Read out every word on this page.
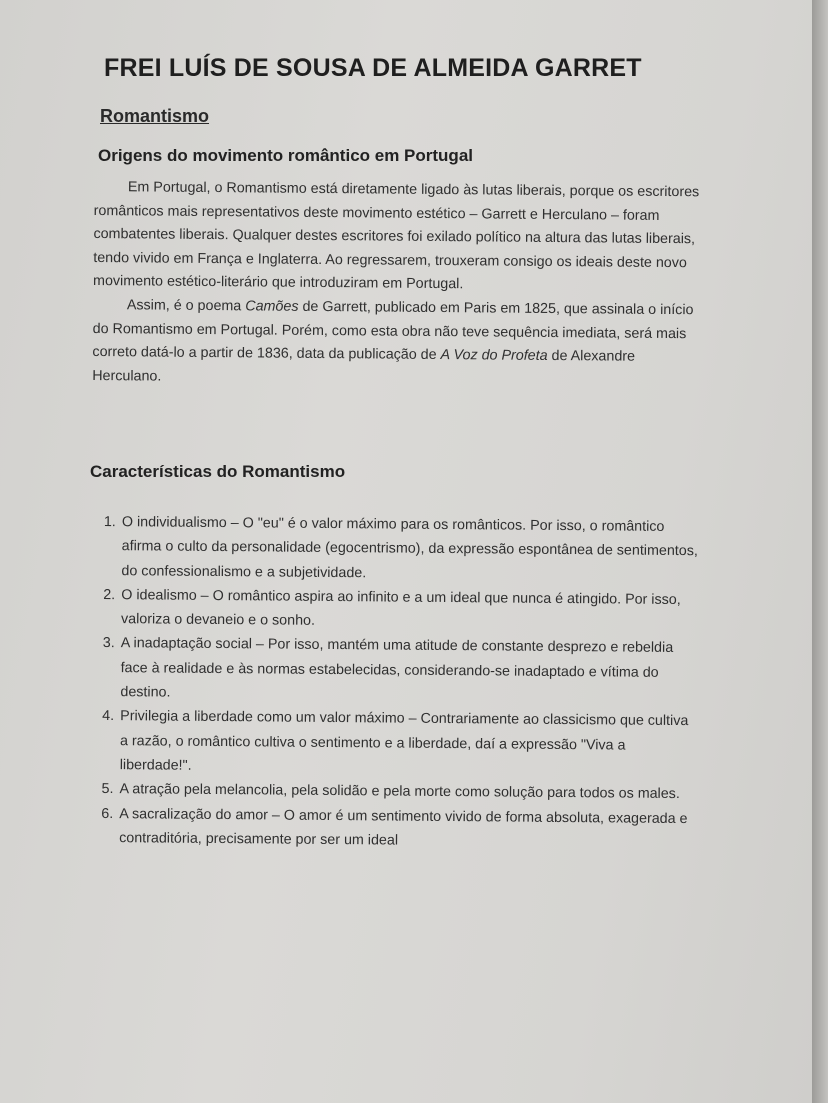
FREI LUÍS DE SOUSA DE ALMEIDA GARRET
Romantismo
Origens do movimento romântico em Portugal

Em Portugal, o Romantismo está diretamente ligado às lutas liberais, porque os escritores românticos mais representativos deste movimento estético – Garrett e Herculano – foram combatentes liberais. Qualquer destes escritores foi exilado político na altura das lutas liberais, tendo vivido em França e Inglaterra. Ao regressarem, trouxeram consigo os ideais deste novo movimento estético-literário que introduziram em Portugal.

Assim, é o poema Camões de Garrett, publicado em Paris em 1825, que assinala o início do Romantismo em Portugal. Porém, como esta obra não teve sequência imediata, será mais correto datá-lo a partir de 1836, data da publicação de A Voz do Profeta de Alexandre Herculano.

Características do Romantismo
1. O individualismo – O "eu" é o valor máximo para os românticos. Por isso, o romântico afirma o culto da personalidade (egocentrismo), da expressão espontânea de sentimentos, do confessionalismo e a subjetividade.
2. O idealismo – O romântico aspira ao infinito e a um ideal que nunca é atingido. Por isso, valoriza o devaneio e o sonho.
3. A inadaptação social – Por isso, mantém uma atitude de constante desprezo e rebeldia face à realidade e às normas estabelecidas, considerando-se inadaptado e vítima do destino.
4. Privilegia a liberdade como um valor máximo – Contrariamente ao classicismo que cultiva a razão, o romântico cultiva o sentimento e a liberdade, daí a expressão "Viva a liberdade!".
5. A atração pela melancolia, pela solidão e pela morte como solução para todos os males.
6. A sacralização do amor – O amor é um sentimento vivido de forma absoluta, exagerada e contraditória, precisamente por ser um ideal
